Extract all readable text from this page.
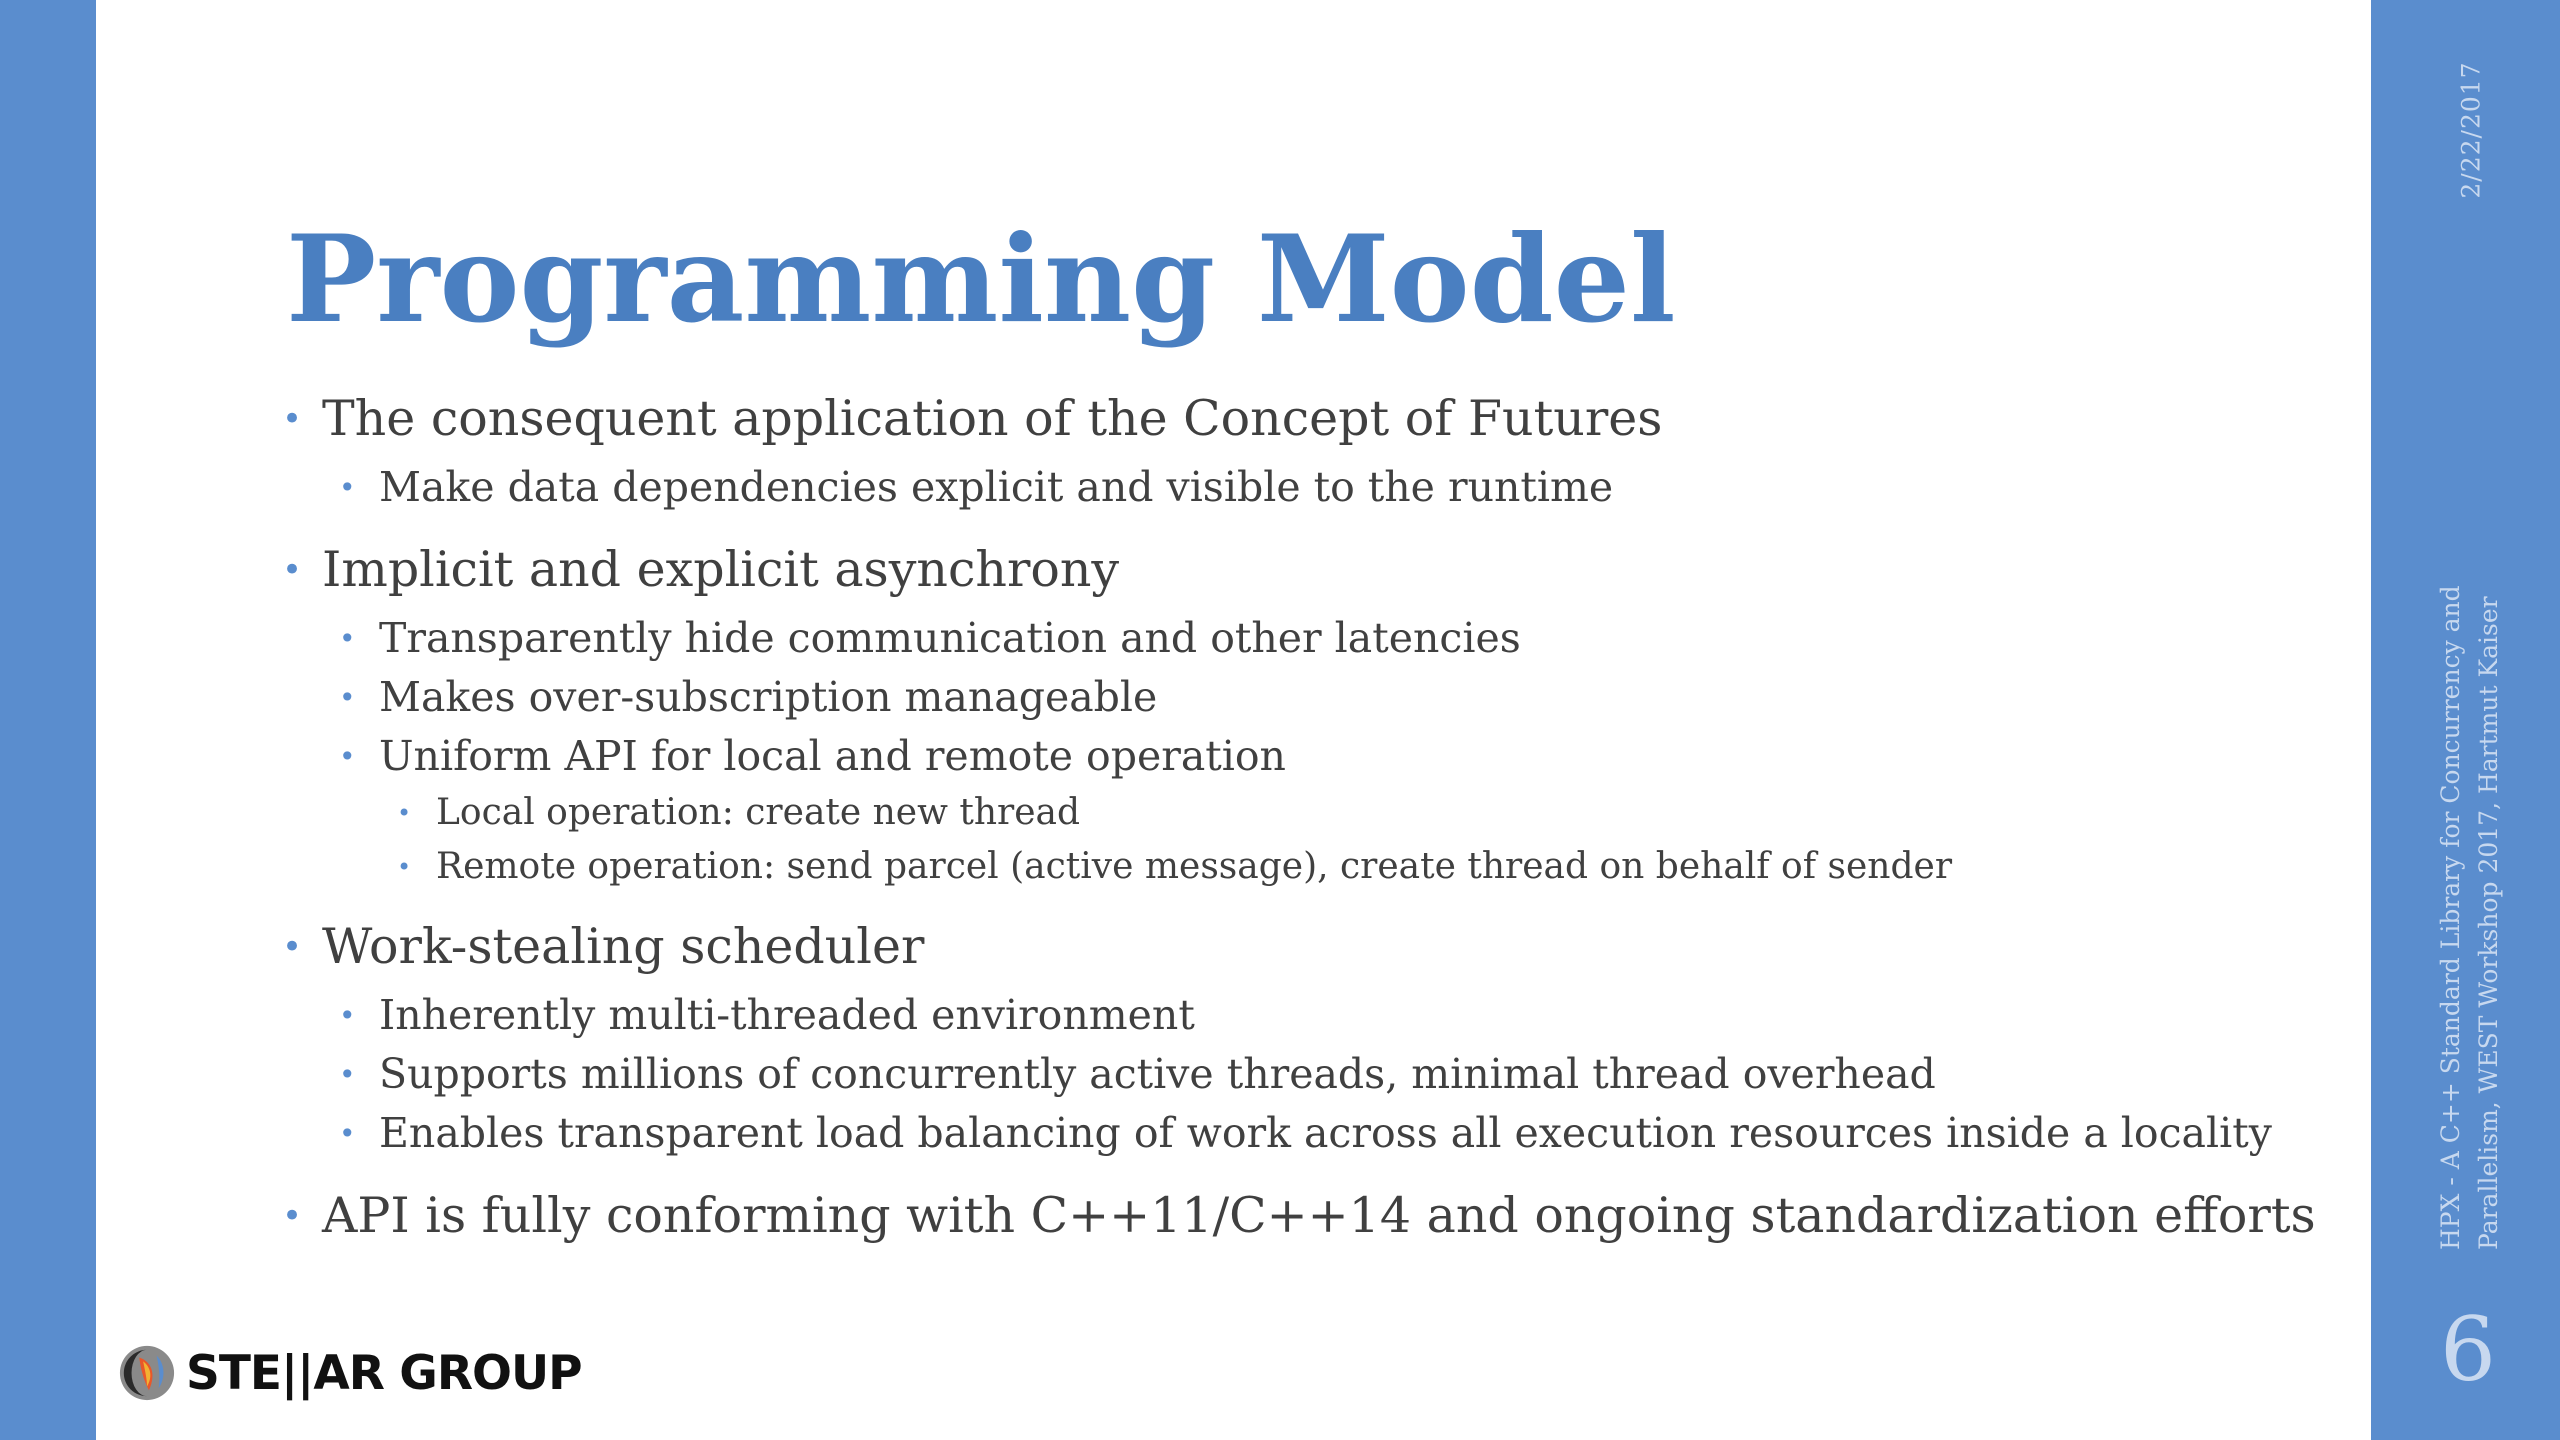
2/22/2017
HPX - A C++ Standard Library for Concurrency and Parallelism, WEST Workshop 2017, Hartmut Kaiser
6
Programming Model
• The consequent application of the Concept of Futures
• Make data dependencies explicit and visible to the runtime
• Implicit and explicit asynchrony
• Transparently hide communication and other latencies
• Makes over-subscription manageable
• Uniform API for local and remote operation
• Local operation: create new thread
• Remote operation: send parcel (active message), create thread on behalf of sender
• Work-stealing scheduler
• Inherently multi-threaded environment
• Supports millions of concurrently active threads, minimal thread overhead
• Enables transparent load balancing of work across all execution resources inside a locality
• API is fully conforming with C++11/C++14 and ongoing standardization efforts
STE||AR GROUP
